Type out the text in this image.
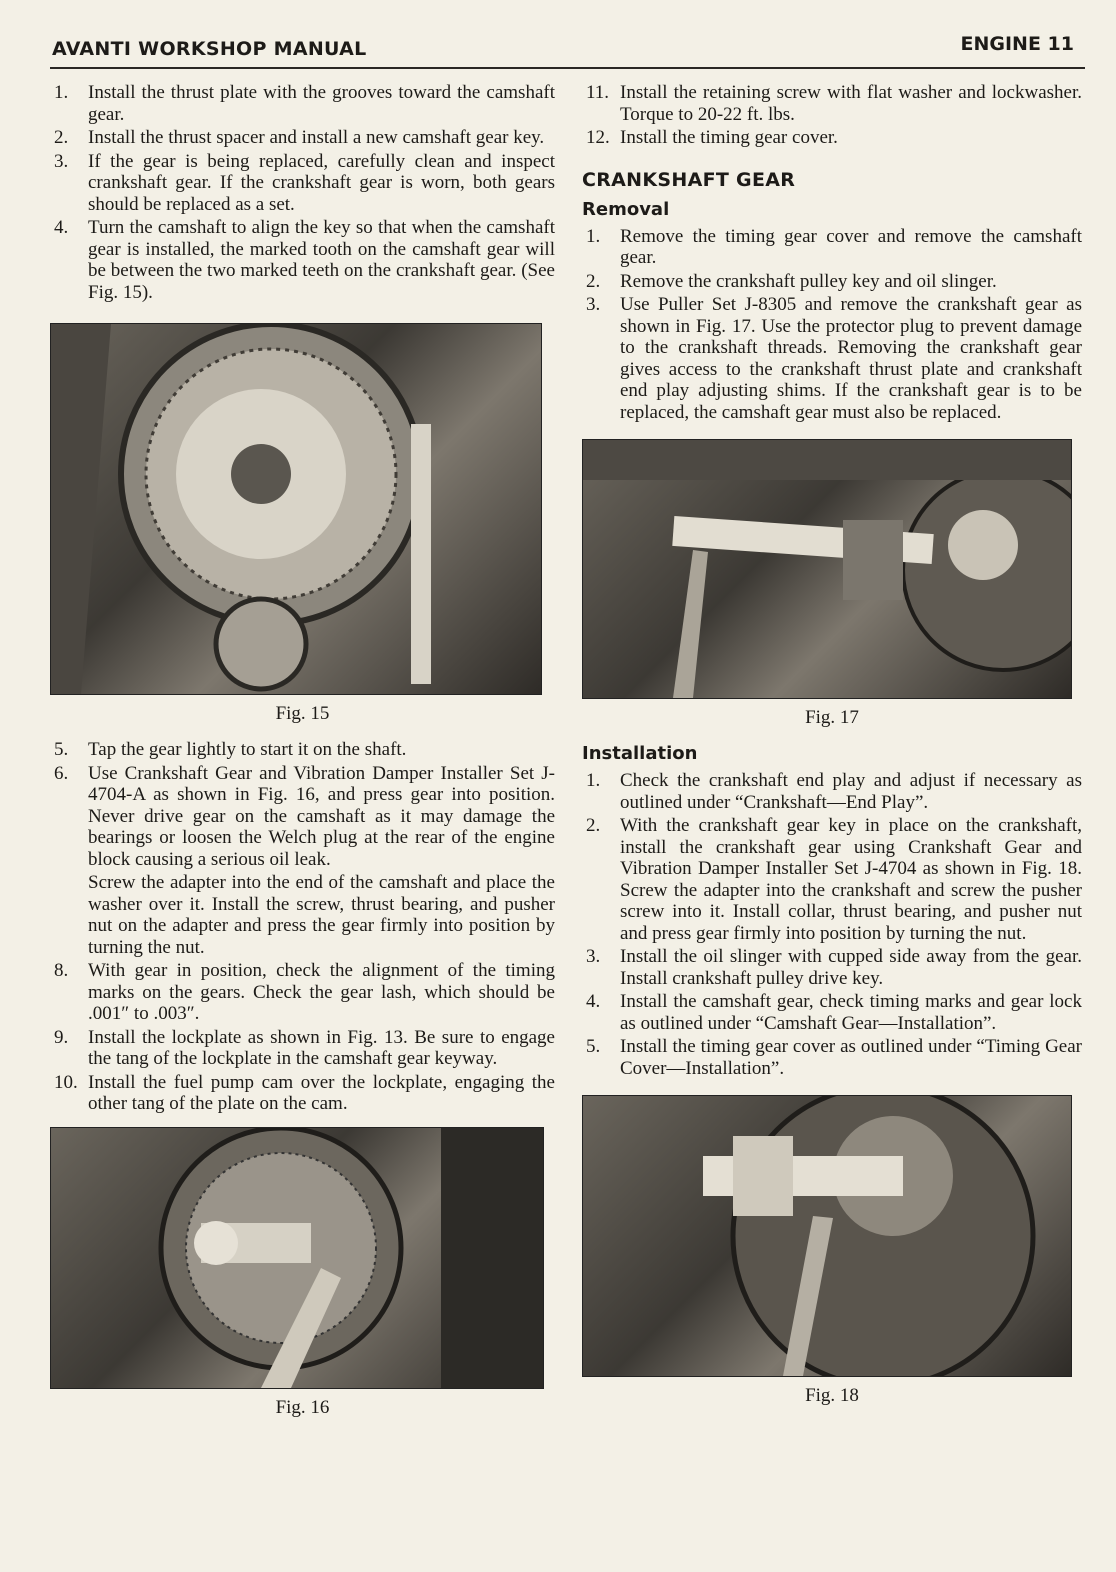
AVANTI WORKSHOP MANUAL	ENGINE 11
1. Install the thrust plate with the grooves toward the camshaft gear.
2. Install the thrust spacer and install a new camshaft gear key.
3. If the gear is being replaced, carefully clean and inspect crankshaft gear. If the crankshaft gear is worn, both gears should be replaced as a set.
4. Turn the camshaft to align the key so that when the camshaft gear is installed, the marked tooth on the camshaft gear will be between the two marked teeth on the crankshaft gear. (See Fig. 15).
Fig. 15
5. Tap the gear lightly to start it on the shaft.
6. Use Crankshaft Gear and Vibration Damper Installer Set J-4704-A as shown in Fig. 16, and press gear into position. Never drive gear on the camshaft as it may damage the bearings or loosen the Welch plug at the rear of the engine block causing a serious oil leak.
Screw the adapter into the end of the camshaft and place the washer over it. Install the screw, thrust bearing, and pusher nut on the adapter and press the gear firmly into position by turning the nut.
8. With gear in position, check the alignment of the timing marks on the gears. Check the gear lash, which should be .001″ to .003″.
9. Install the lockplate as shown in Fig. 13. Be sure to engage the tang of the lockplate in the camshaft gear keyway.
10. Install the fuel pump cam over the lockplate, engaging the other tang of the plate on the cam.
Fig. 16
11. Install the retaining screw with flat washer and lockwasher. Torque to 20-22 ft. lbs.
12. Install the timing gear cover.
CRANKSHAFT GEAR
Removal
1. Remove the timing gear cover and remove the camshaft gear.
2. Remove the crankshaft pulley key and oil slinger.
3. Use Puller Set J-8305 and remove the crankshaft gear as shown in Fig. 17. Use the protector plug to prevent damage to the crankshaft threads. Removing the crankshaft gear gives access to the crankshaft thrust plate and crankshaft end play adjusting shims. If the crankshaft gear is to be replaced, the camshaft gear must also be replaced.
Fig. 17
Installation
1. Check the crankshaft end play and adjust if necessary as outlined under “Crankshaft—End Play”.
2. With the crankshaft gear key in place on the crankshaft, install the crankshaft gear using Crankshaft Gear and Vibration Damper Installer Set J-4704 as shown in Fig. 18. Screw the adapter into the crankshaft and screw the pusher screw into it. Install collar, thrust bearing, and pusher nut and press gear firmly into position by turning the nut.
3. Install the oil slinger with cupped side away from the gear. Install crankshaft pulley drive key.
4. Install the camshaft gear, check timing marks and gear lock as outlined under “Camshaft Gear—Installation”.
5. Install the timing gear cover as outlined under “Timing Gear Cover—Installation”.
Fig. 18
